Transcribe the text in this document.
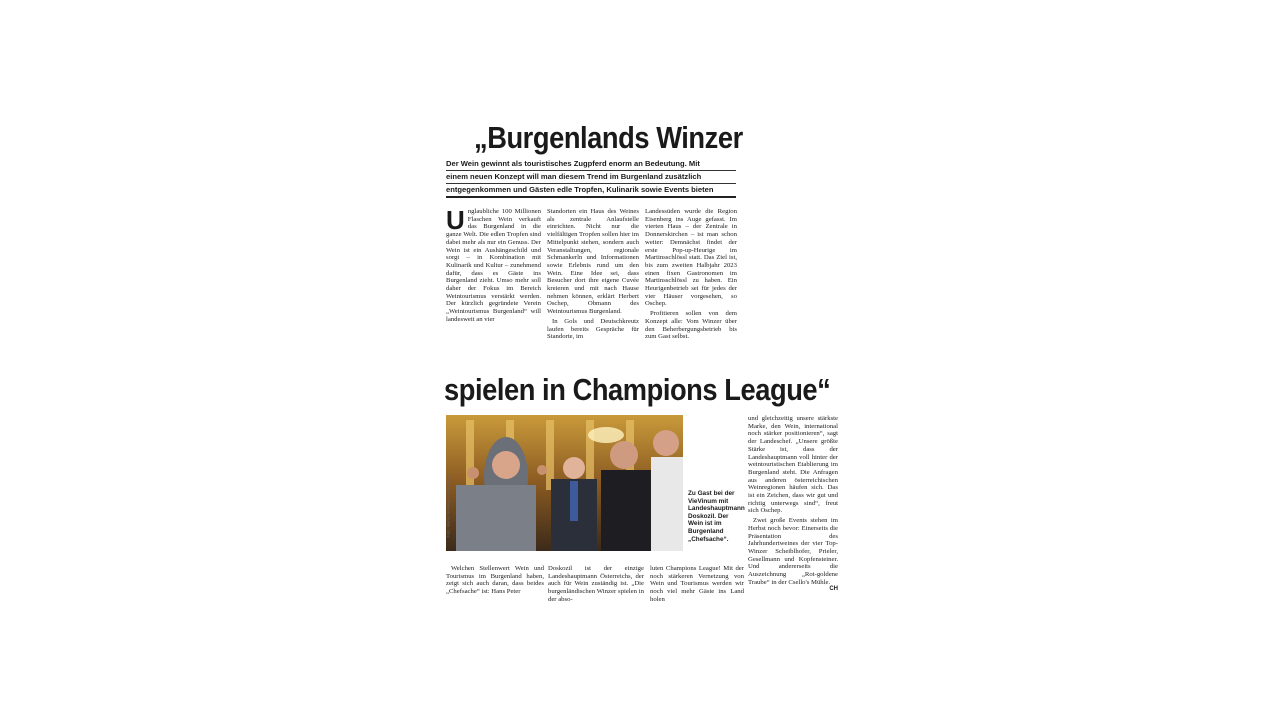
„Burgenlands Winzer
Der Wein gewinnt als touristisches Zugpferd enorm an Bedeutung. Mit
einem neuen Konzept will man diesem Trend im Burgenland zusätzlich
entgegenkommen und Gästen edle Tropfen, Kulinarik sowie Events bieten
U nglaubliche 100 Millionen Flaschen Wein verkauft das Burgenland in die ganze Welt. Die edlen Tropfen sind dabei mehr als nur ein Genuss. Der Wein ist ein Aushängeschild und sorgt – in Kombination mit Kulinarik und Kultur – zunehmend dafür, dass es Gäste ins Burgenland zieht. Umso mehr soll daher der Fokus im Bereich Weintourismus verstärkt werden. Der kürzlich gegründete Verein „Weintourismus Burgenland“ will landesweit an vier

Standorten ein Haus des Weines als zentrale Anlaufstelle einrichten. Nicht nur die vielfältigen Tropfen sollen hier im Mittelpunkt stehen, sondern auch Veranstaltungen, regionale Schmankerln und Informationen sowie Erlebnis rund um den Wein. Eine Idee sei, dass Besucher dort ihre eigene Cuvée kreieren und mit nach Hause nehmen können, erklärt Herbert Oschep, Obmann des Weintourismus Burgenland.

In Gols und Deutschkreutz laufen bereits Gespräche für Standorte, im

Landessüden wurde die Region Eisenberg ins Auge gefasst. Im vierten Haus – der Zentrale in Donnerskirchen – ist man schon weiter: Demnächst findet der erste Pop-up-Heurige im Martinsschlössl statt. Das Ziel ist, bis zum zweiten Halbjahr 2023 einen fixen Gastronomen im Martinsschlössl zu haben. Ein Heurigenbetrieb sei für jedes der vier Häuser vorgesehen, so Oschep.

Profitieren sollen von dem Konzept alle: Vom Winzer über den Beherbergungsbetrieb bis zum Gast selbst.

spielen in Champions League“
Foto: Martin Weinkopf / Bilderdienst	Zu Gast bei der VieVinum mit Landeshauptmann Doskozil. Der Wein ist im Burgenland „Chefsache“.

und gleichzeitig unsere stärkste Marke, den Wein, international noch stärker positionieren“, sagt der Landeschef. „Unsere größte Stärke ist, dass der Landeshauptmann voll hinter der weintouristischen Etablierung im Burgenland steht. Die Anfragen aus anderen österreichischen Weinregionen häufen sich. Das ist ein Zeichen, dass wir gut und richtig unterwegs sind“, freut sich Oschep.

Zwei große Events stehen im Herbst noch bevor: Einerseits die Präsentation des Jahrhundertweines der vier Top-Winzer Scheiblhofer, Prieler, Gesellmann und Kopfensteiner. Und andererseits die Auszeichnung „Rot-goldene Traube“ in der Csello's Mühle.
CH

Welchen Stellenwert Wein und Tourismus im Burgenland haben, zeigt sich auch daran, dass beides „Chefsache“ ist: Hans Peter

Doskozil ist der einzige Landeshauptmann Österreichs, der auch für Wein zuständig ist. „Die burgenländischen Winzer spielen in der abso-

luten Champions League! Mit der noch stärkeren Vernetzung von Wein und Tourismus werden wir noch viel mehr Gäste ins Land holen
